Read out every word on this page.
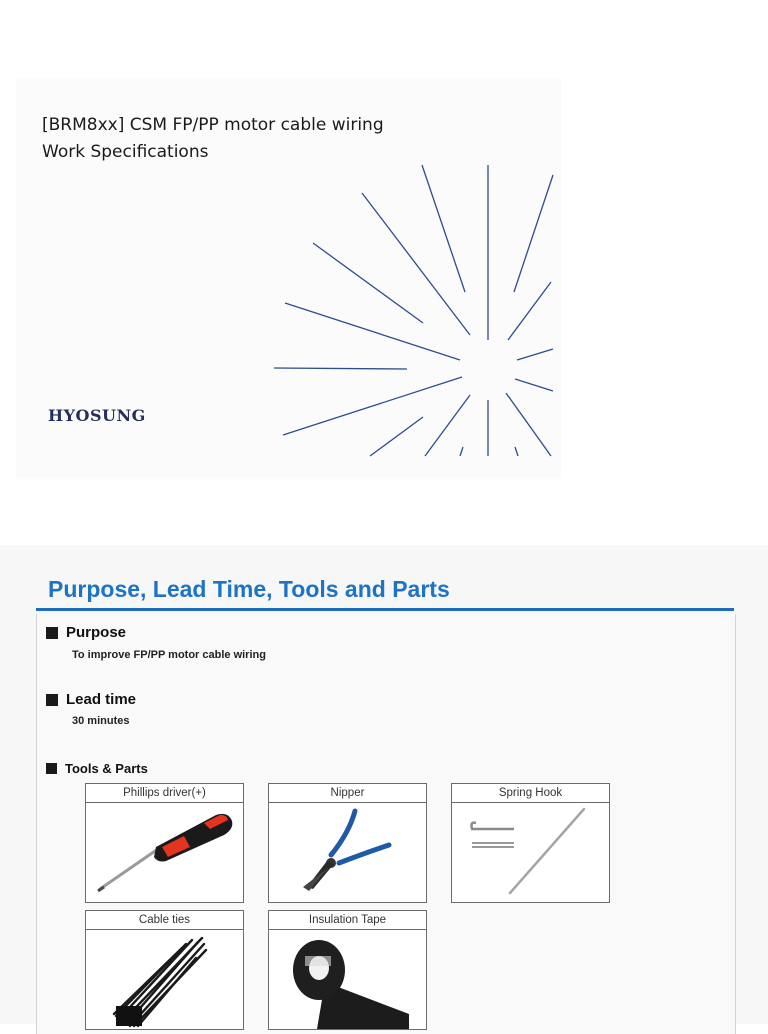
[BRM8xx] CSM FP/PP motor cable wiring
Work Specifications
HYOSUNG
Purpose, Lead Time, Tools and Parts
Purpose
To improve FP/PP motor cable wiring
Lead time
30 minutes
Tools & Parts
Phillips driver(+)	Nipper	Spring Hook
Cable ties	Insulation Tape
